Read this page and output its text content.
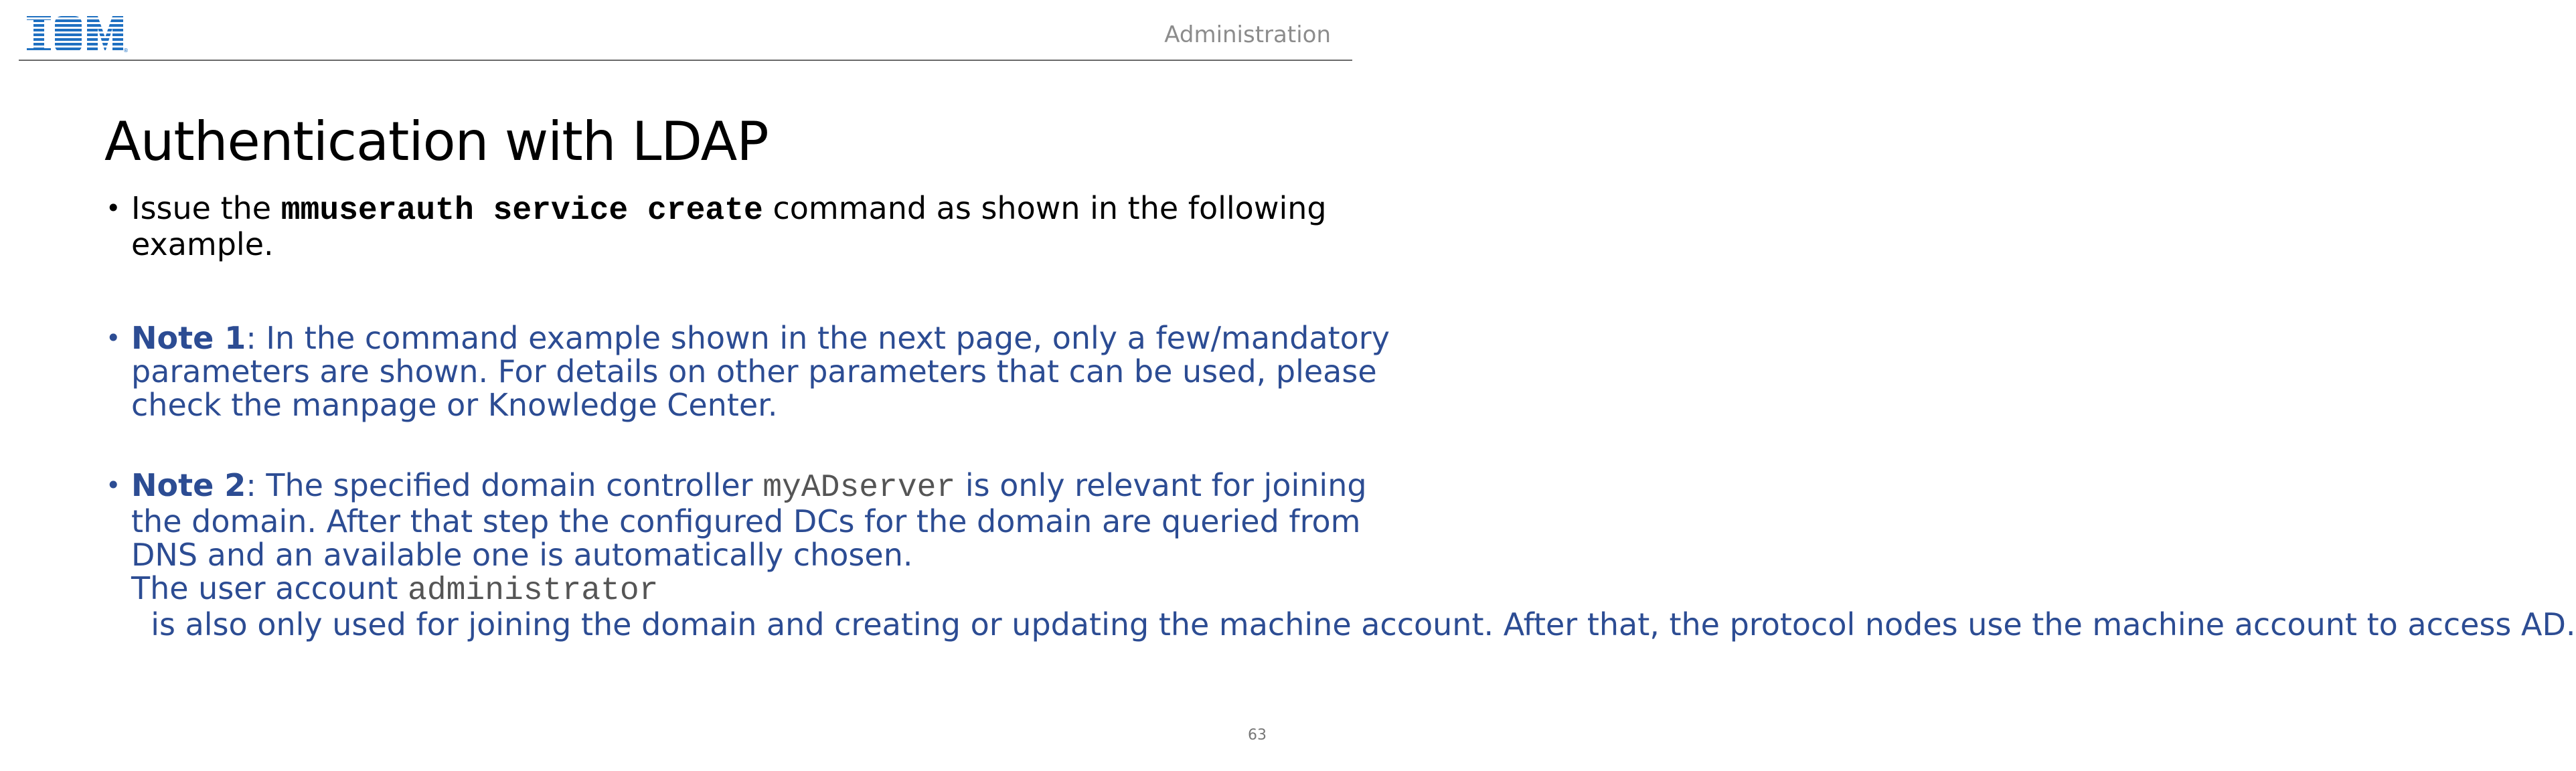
®
Administration
Authentication with LDAP
• Issue the mmuserauth service create command as shown in the following example.
• Note 1: In the command example shown in the next page, only a few/mandatory parameters are shown. For details on other parameters that can be used, please check the manpage or Knowledge Center.
• Note 2: The specified domain controller myADserver is only relevant for joining the domain. After that step the configured DCs for the domain are queried from DNS and an available one is automatically chosen.
The user account administrator  is also only used for joining the domain and creating or updating the machine account. After that, the protocol nodes use the machine account to access AD.
63
